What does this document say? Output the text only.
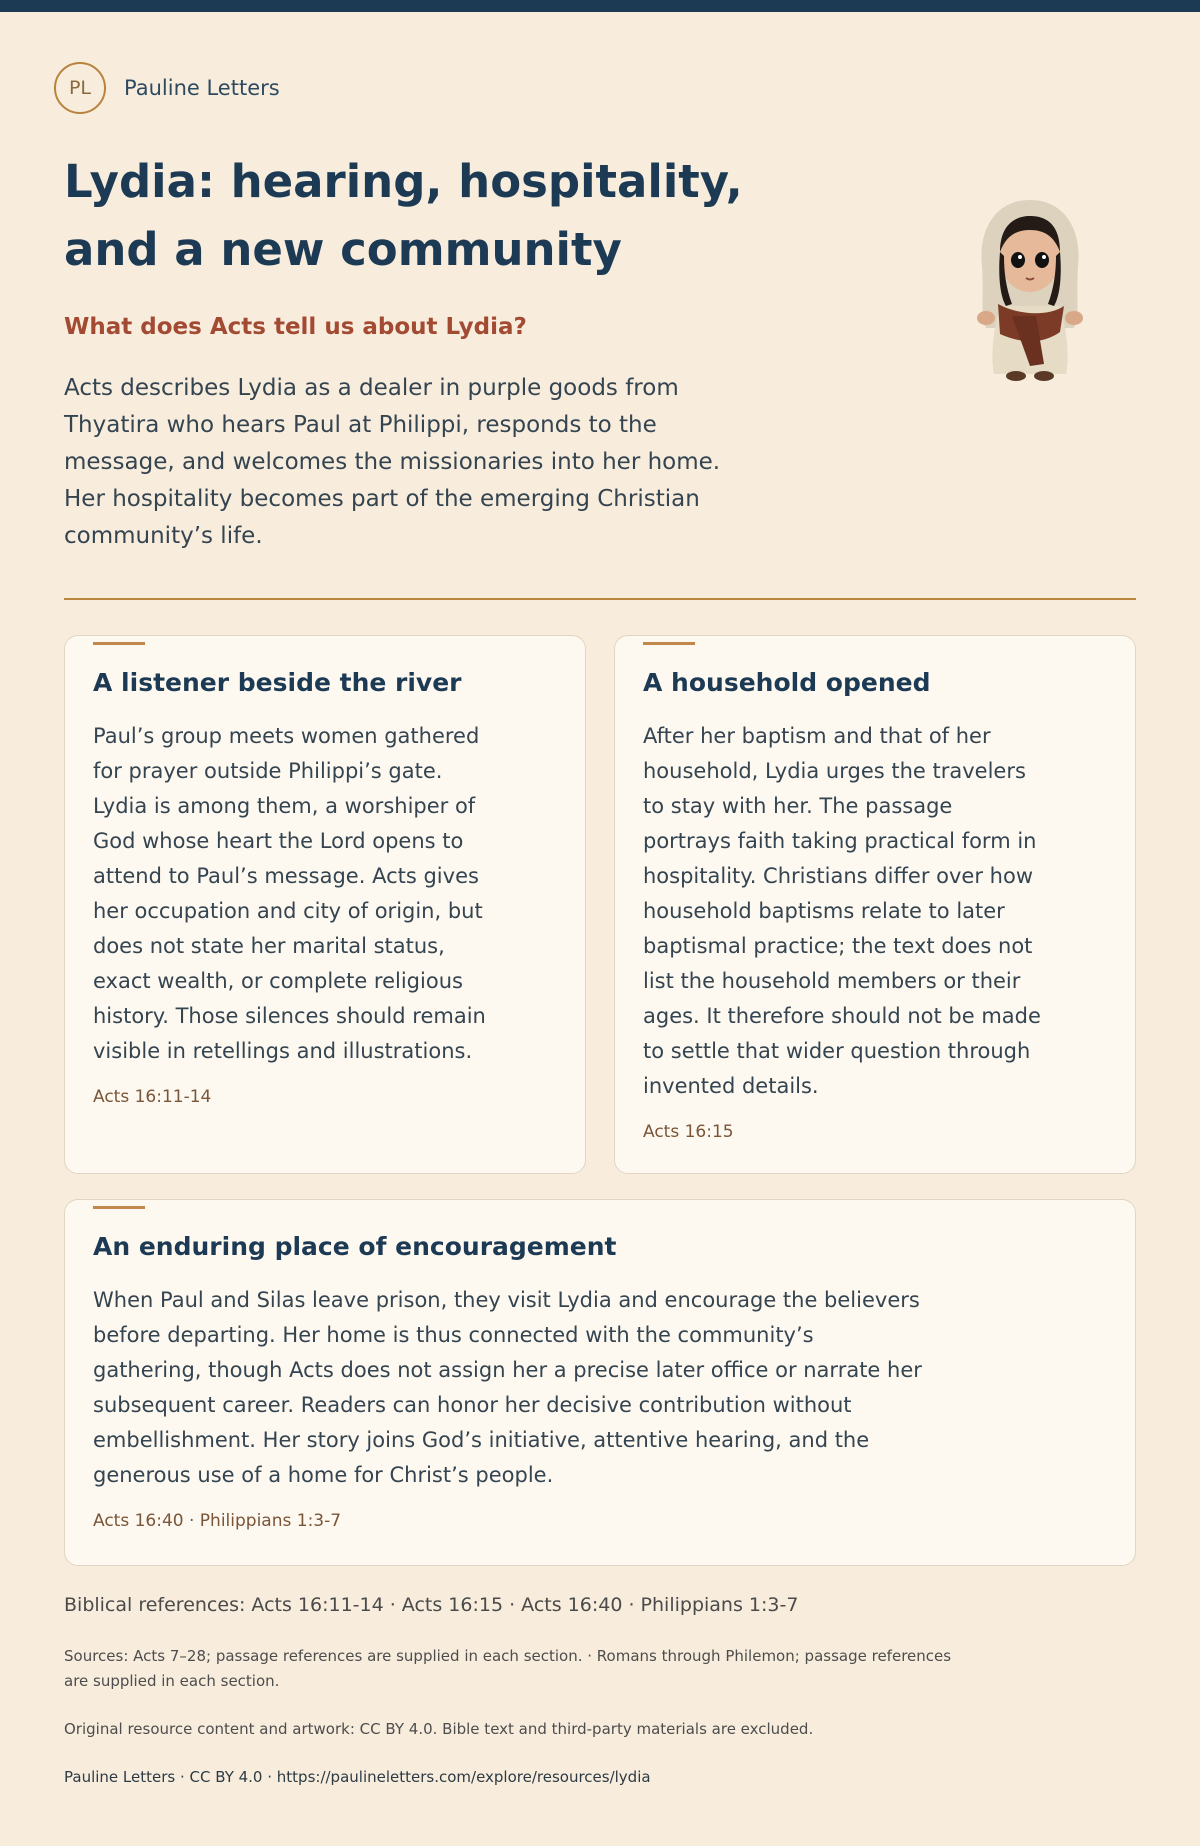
PL	Pauline Letters
Lydia: hearing, hospitality, and a new community
What does Acts tell us about Lydia?

Acts describes Lydia as a dealer in purple goods from Thyatira who hears Paul at Philippi, responds to the message, and welcomes the missionaries into her home. Her hospitality becomes part of the emerging Christian community’s life.

A listener beside the river

Paul’s group meets women gathered for prayer outside Philippi’s gate. Lydia is among them, a worshiper of God whose heart the Lord opens to attend to Paul’s message. Acts gives her occupation and city of origin, but does not state her marital status, exact wealth, or complete religious history. Those silences should remain visible in retellings and illustrations.

Acts 16:11-14
A household opened

After her baptism and that of her household, Lydia urges the travelers to stay with her. The passage portrays faith taking practical form in hospitality. Christians differ over how household baptisms relate to later baptismal practice; the text does not list the household members or their ages. It therefore should not be made to settle that wider question through invented details.

Acts 16:15
An enduring place of encouragement

When Paul and Silas leave prison, they visit Lydia and encourage the believers before departing. Her home is thus connected with the community’s gathering, though Acts does not assign her a precise later office or narrate her subsequent career. Readers can honor her decisive contribution without embellishment. Her story joins God’s initiative, attentive hearing, and the generous use of a home for Christ’s people.

Acts 16:40 · Philippians 1:3-7
Biblical references: Acts 16:11-14 · Acts 16:15 · Acts 16:40 · Philippians 1:3-7

Sources: Acts 7–28; passage references are supplied in each section. · Romans through Philemon; passage references are supplied in each section.

Original resource content and artwork: CC BY 4.0. Bible text and third-party materials are excluded.
Pauline Letters · CC BY 4.0 · https://paulineletters.com/explore/resources/lydia
